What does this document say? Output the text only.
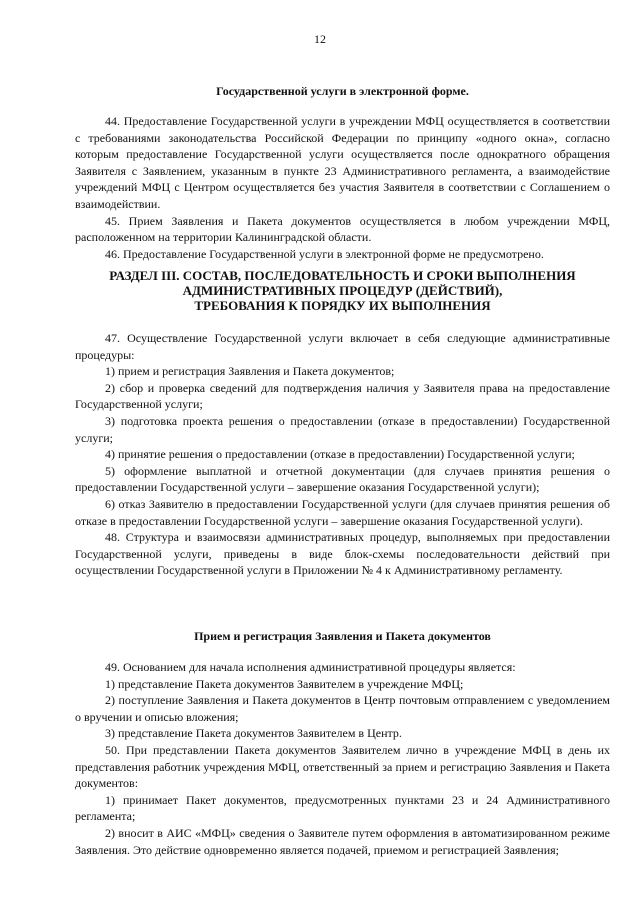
12
Государственной услуги в электронной форме.

44. Предоставление Государственной услуги в учреждении МФЦ осуществляется в соответствии с требованиями законодательства Российской Федерации по принципу «одного окна», согласно которым предоставление Государственной услуги осуществляется после однократного обращения Заявителя с Заявлением, указанным в пункте 23 Административного регламента, а взаимодействие учреждений МФЦ с Центром осуществляется без участия Заявителя в соответствии с Соглашением о взаимодействии.

45. Прием Заявления и Пакета документов осуществляется в любом учреждении МФЦ, расположенном на территории Калининградской области.

46. Предоставление Государственной услуги в электронной форме не предусмотрено.

РАЗДЕЛ III. СОСТАВ, ПОСЛЕДОВАТЕЛЬНОСТЬ И СРОКИ ВЫПОЛНЕНИЯ
АДМИНИСТРАТИВНЫХ ПРОЦЕДУР (ДЕЙСТВИЙ),
ТРЕБОВАНИЯ К ПОРЯДКУ ИХ ВЫПОЛНЕНИЯ

47. Осуществление Государственной услуги включает в себя следующие административные процедуры:

1) прием и регистрация Заявления и Пакета документов;

2) сбор и проверка сведений для подтверждения наличия у Заявителя права на предоставление Государственной услуги;

3) подготовка проекта решения о предоставлении (отказе в предоставлении) Государственной услуги;

4) принятие решения о предоставлении (отказе в предоставлении) Государственной услуги;

5) оформление выплатной и отчетной документации (для случаев принятия решения о предоставлении Государственной услуги – завершение оказания Государственной услуги);

6) отказ Заявителю в предоставлении Государственной услуги (для случаев принятия решения об отказе в предоставлении Государственной услуги – завершение оказания Государственной услуги).

48. Структура и взаимосвязи административных процедур, выполняемых при предоставлении Государственной услуги, приведены в виде блок-схемы последовательности действий при осуществлении Государственной услуги в Приложении № 4 к Административному регламенту.

Прием и регистрация Заявления и Пакета документов

49. Основанием для начала исполнения административной процедуры является:

1) представление Пакета документов Заявителем в учреждение МФЦ;

2) поступление Заявления и Пакета документов в Центр почтовым отправлением с уведомлением о вручении и описью вложения;

3) представление Пакета документов Заявителем в Центр.

50. При представлении Пакета документов Заявителем лично в учреждение МФЦ в день их представления работник учреждения МФЦ, ответственный за прием и регистрацию Заявления и Пакета документов:

1) принимает Пакет документов, предусмотренных пунктами 23 и 24 Административного регламента;

2) вносит в АИС «МФЦ» сведения о Заявителе путем оформления в автоматизированном режиме Заявления. Это действие одновременно является подачей, приемом и регистрацией Заявления;
